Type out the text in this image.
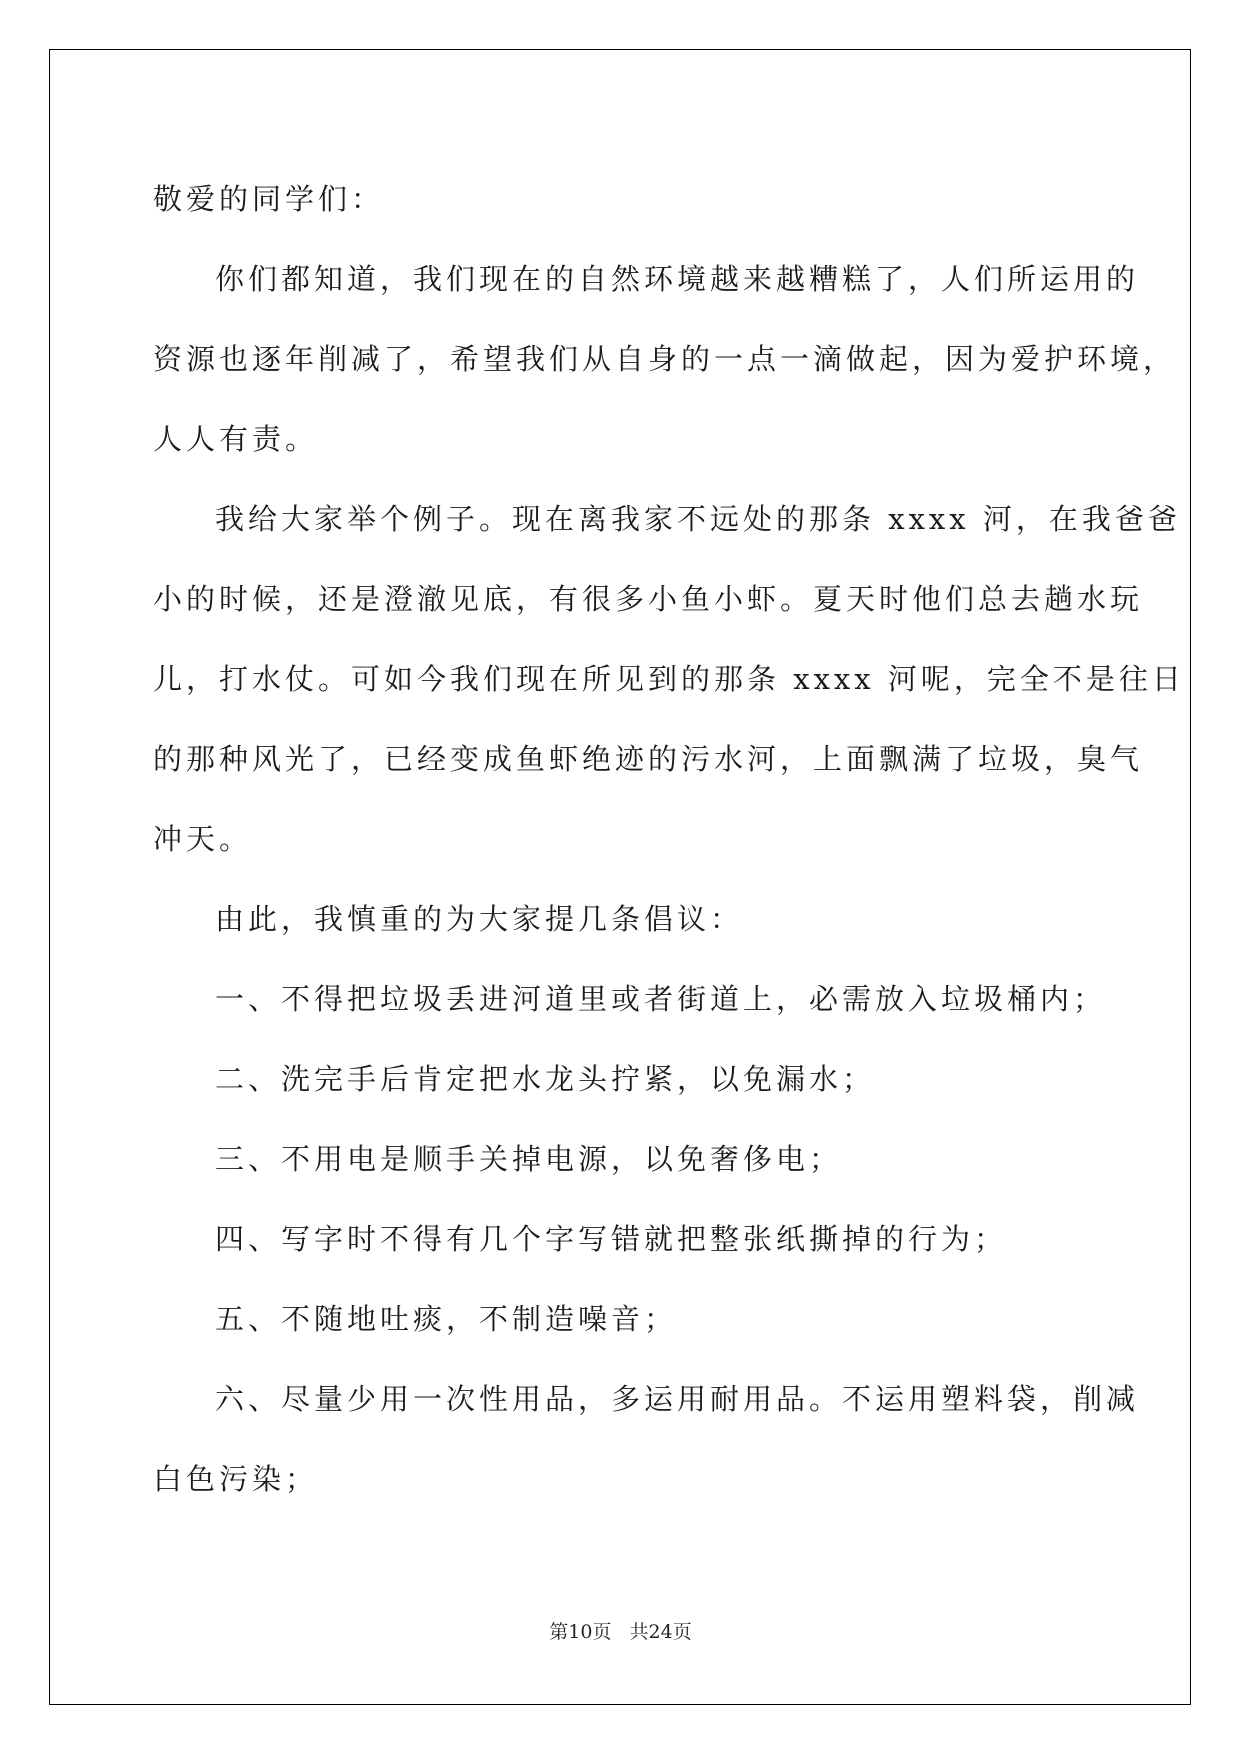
敬爱的同学们：

你们都知道，我们现在的自然环境越来越糟糕了，人们所运用的

资源也逐年削减了，希望我们从自身的一点一滴做起，因为爱护环境，

人人有责。

我给大家举个例子。现在离我家不远处的那条 xxxx 河，在我爸爸

小的时候，还是澄澈见底，有很多小鱼小虾。夏天时他们总去趟水玩

儿，打水仗。可如今我们现在所见到的那条 xxxx 河呢，完全不是往日

的那种风光了，已经变成鱼虾绝迹的污水河，上面飘满了垃圾，臭气

冲天。

由此，我慎重的为大家提几条倡议：

一、不得把垃圾丢进河道里或者街道上，必需放入垃圾桶内；

二、洗完手后肯定把水龙头拧紧，以免漏水；

三、不用电是顺手关掉电源，以免奢侈电；

四、写字时不得有几个字写错就把整张纸撕掉的行为；

五、不随地吐痰，不制造噪音；

六、尽量少用一次性用品，多运用耐用品。不运用塑料袋，削减

白色污染；

第10页 共24页
